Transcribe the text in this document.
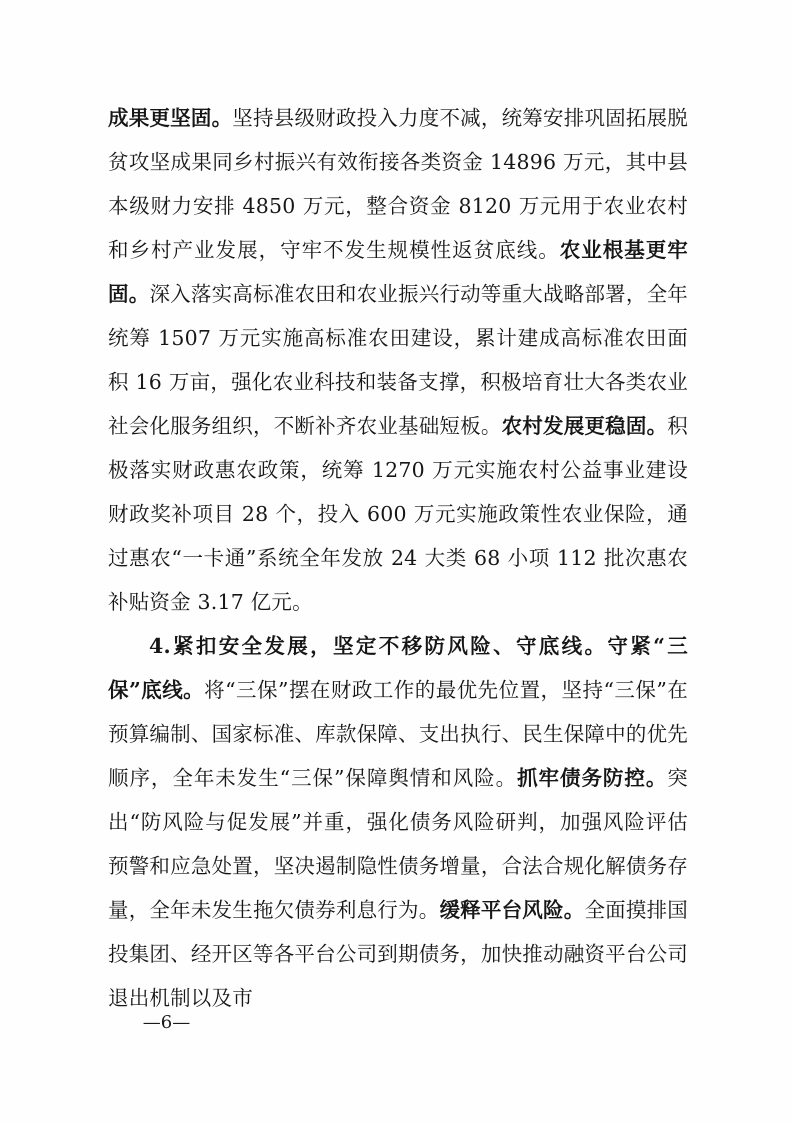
成果更坚固。坚持县级财政投入力度不减，统筹安排巩固拓展脱贫攻坚成果同乡村振兴有效衔接各类资金 14896 万元，其中县本级财力安排 4850 万元，整合资金 8120 万元用于农业农村和乡村产业发展，守牢不发生规模性返贫底线。农业根基更牢固。深入落实高标准农田和农业振兴行动等重大战略部署，全年统筹 1507 万元实施高标准农田建设，累计建成高标准农田面积 16 万亩，强化农业科技和装备支撑，积极培育壮大各类农业社会化服务组织，不断补齐农业基础短板。农村发展更稳固。积极落实财政惠农政策，统筹 1270 万元实施农村公益事业建设财政奖补项目 28 个，投入 600 万元实施政策性农业保险，通过惠农“一卡通”系统全年发放 24 大类 68 小项 112 批次惠农补贴资金 3.17 亿元。

4.紧扣安全发展，坚定不移防风险、守底线。守紧“三保”底线。将“三保”摆在财政工作的最优先位置，坚持“三保”在预算编制、国家标准、库款保障、支出执行、民生保障中的优先顺序，全年未发生“三保”保障舆情和风险。抓牢债务防控。突出“防风险与促发展”并重，强化债务风险研判，加强风险评估预警和应急处置，坚决遏制隐性债务增量，合法合规化解债务存量，全年未发生拖欠债券利息行为。缓释平台风险。全面摸排国投集团、经开区等各平台公司到期债务，加快推动融资平台公司退出机制以及市

—6—
